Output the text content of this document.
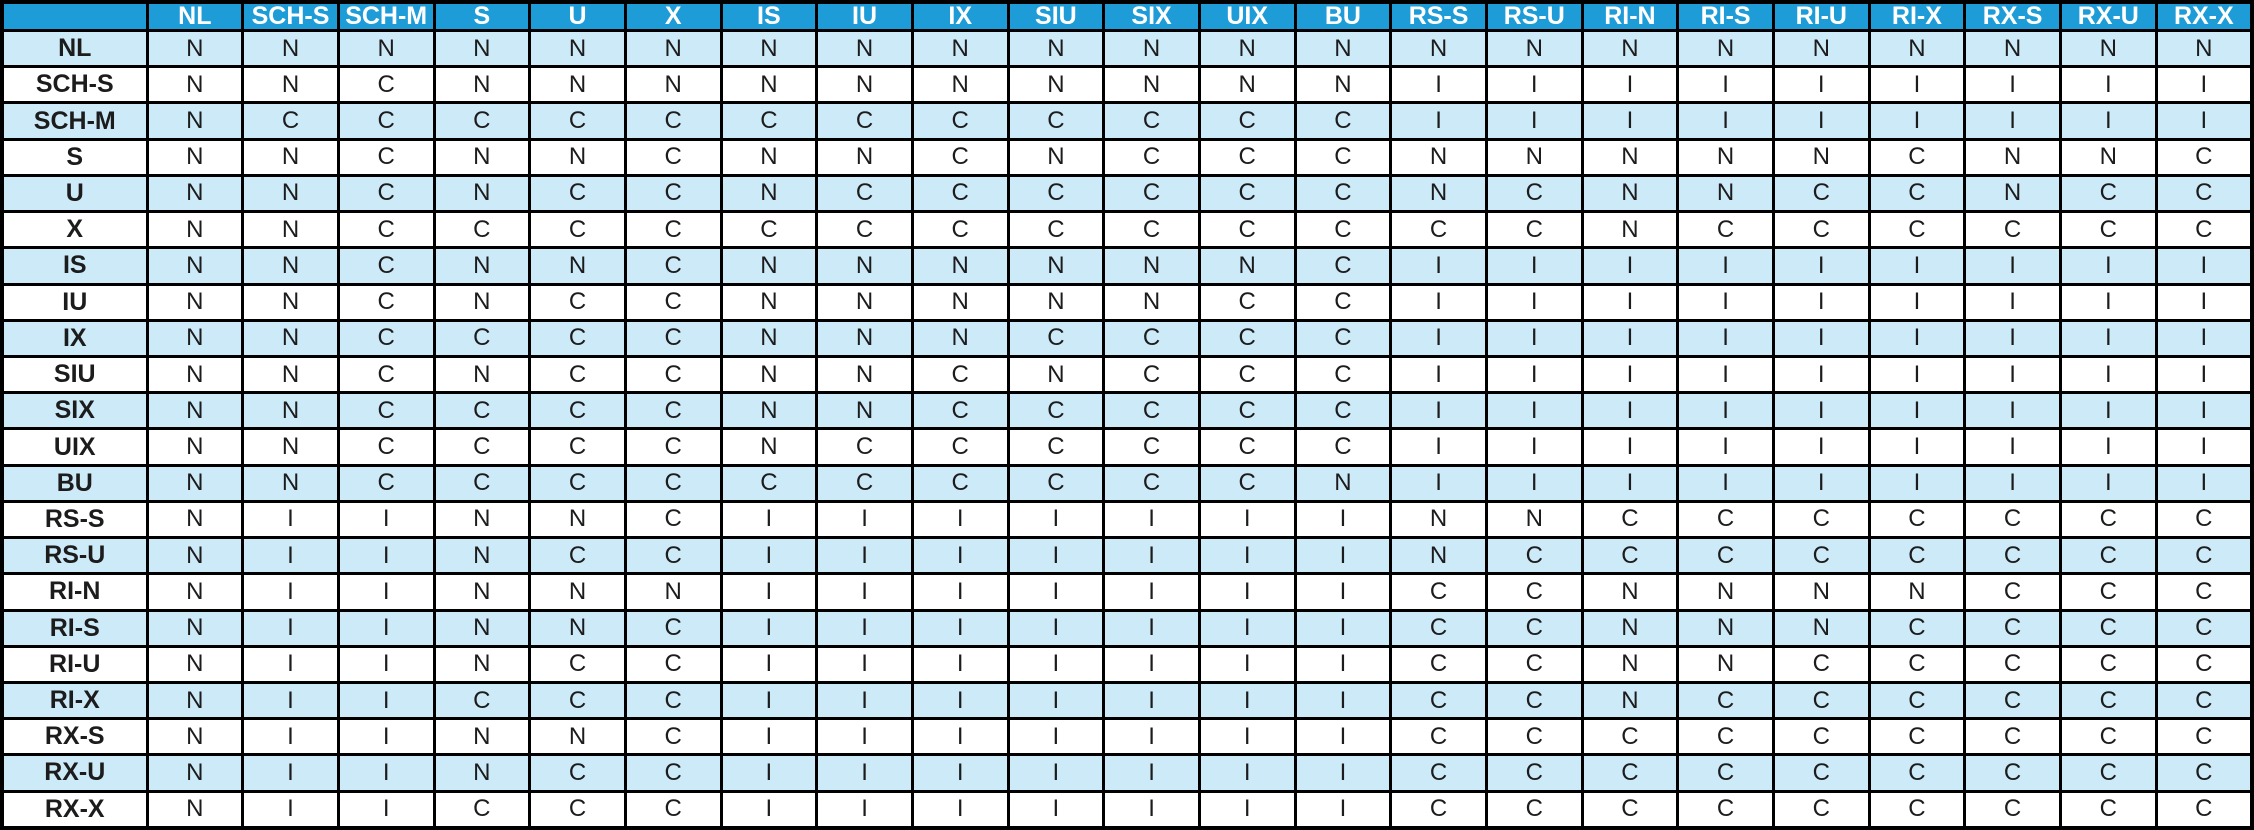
	NL	SCH-S	SCH-M	S	U	X	IS	IU	IX	SIU	SIX	UIX	BU	RS-S	RS-U	RI-N	RI-S	RI-U	RI-X	RX-S	RX-U	RX-X
NL	N	N	N	N	N	N	N	N	N	N	N	N	N	N	N	N	N	N	N	N	N	N
SCH-S	N	N	C	N	N	N	N	N	N	N	N	N	N	I	I	I	I	I	I	I	I	I
SCH-M	N	C	C	C	C	C	C	C	C	C	C	C	C	I	I	I	I	I	I	I	I	I
S	N	N	C	N	N	C	N	N	C	N	C	C	C	N	N	N	N	N	C	N	N	C
U	N	N	C	N	C	C	N	C	C	C	C	C	C	N	C	N	N	C	C	N	C	C
X	N	N	C	C	C	C	C	C	C	C	C	C	C	C	C	N	C	C	C	C	C	C
IS	N	N	C	N	N	C	N	N	N	N	N	N	C	I	I	I	I	I	I	I	I	I
IU	N	N	C	N	C	C	N	N	N	N	N	C	C	I	I	I	I	I	I	I	I	I
IX	N	N	C	C	C	C	N	N	N	C	C	C	C	I	I	I	I	I	I	I	I	I
SIU	N	N	C	N	C	C	N	N	C	N	C	C	C	I	I	I	I	I	I	I	I	I
SIX	N	N	C	C	C	C	N	N	C	C	C	C	C	I	I	I	I	I	I	I	I	I
UIX	N	N	C	C	C	C	N	C	C	C	C	C	C	I	I	I	I	I	I	I	I	I
BU	N	N	C	C	C	C	C	C	C	C	C	C	N	I	I	I	I	I	I	I	I	I
RS-S	N	I	I	N	N	C	I	I	I	I	I	I	I	N	N	C	C	C	C	C	C	C
RS-U	N	I	I	N	C	C	I	I	I	I	I	I	I	N	C	C	C	C	C	C	C	C
RI-N	N	I	I	N	N	N	I	I	I	I	I	I	I	C	C	N	N	N	N	C	C	C
RI-S	N	I	I	N	N	C	I	I	I	I	I	I	I	C	C	N	N	N	C	C	C	C
RI-U	N	I	I	N	C	C	I	I	I	I	I	I	I	C	C	N	N	C	C	C	C	C
RI-X	N	I	I	C	C	C	I	I	I	I	I	I	I	C	C	N	C	C	C	C	C	C
RX-S	N	I	I	N	N	C	I	I	I	I	I	I	I	C	C	C	C	C	C	C	C	C
RX-U	N	I	I	N	C	C	I	I	I	I	I	I	I	C	C	C	C	C	C	C	C	C
RX-X	N	I	I	C	C	C	I	I	I	I	I	I	I	C	C	C	C	C	C	C	C	C
